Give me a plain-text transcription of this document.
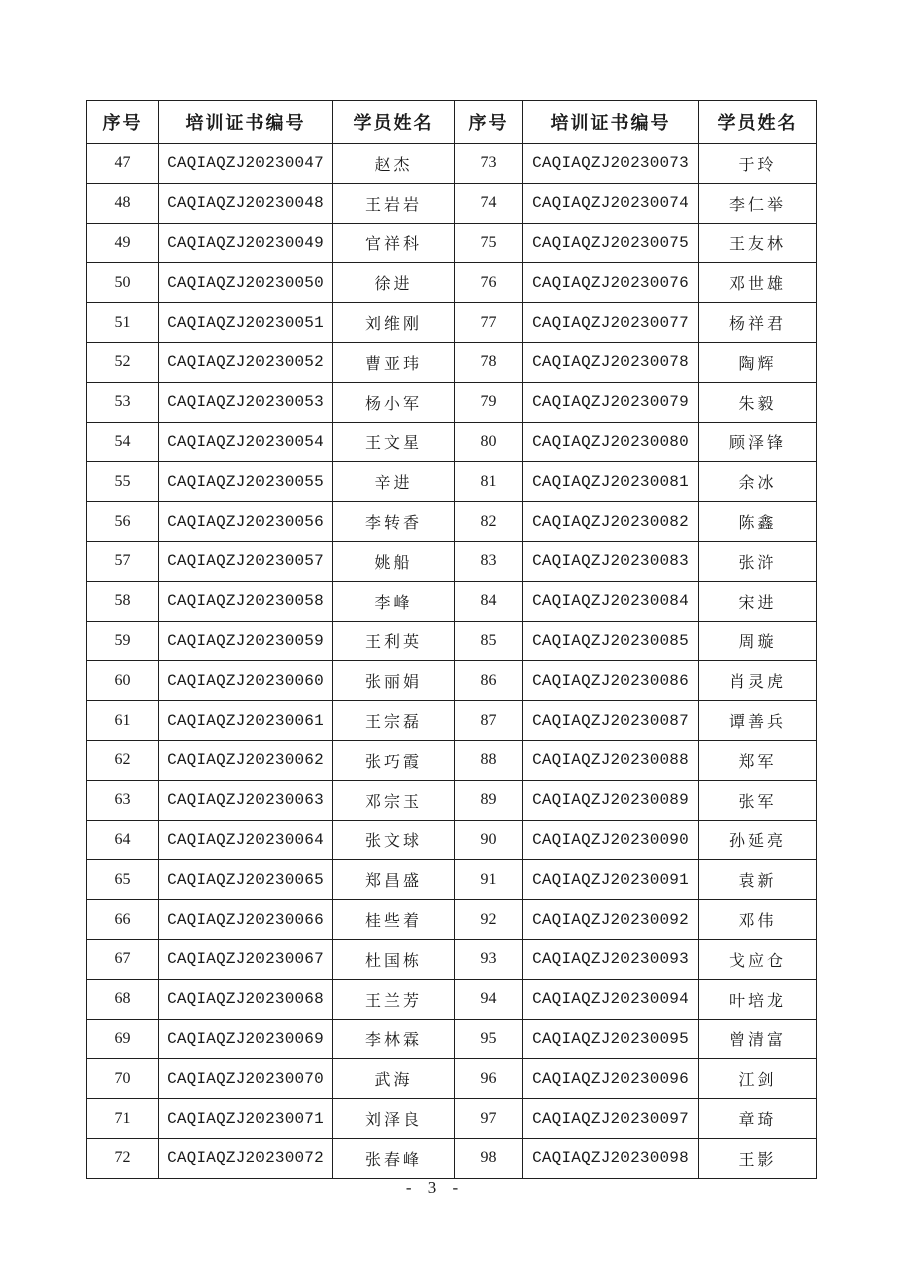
序号	培训证书编号	学员姓名	序号	培训证书编号	学员姓名
47	CAQIAQZJ20230047	赵杰	73	CAQIAQZJ20230073	于玲
48	CAQIAQZJ20230048	王岩岩	74	CAQIAQZJ20230074	李仁举
49	CAQIAQZJ20230049	官祥科	75	CAQIAQZJ20230075	王友林
50	CAQIAQZJ20230050	徐进	76	CAQIAQZJ20230076	邓世雄
51	CAQIAQZJ20230051	刘维刚	77	CAQIAQZJ20230077	杨祥君
52	CAQIAQZJ20230052	曹亚玮	78	CAQIAQZJ20230078	陶辉
53	CAQIAQZJ20230053	杨小军	79	CAQIAQZJ20230079	朱毅
54	CAQIAQZJ20230054	王文星	80	CAQIAQZJ20230080	顾泽锋
55	CAQIAQZJ20230055	辛进	81	CAQIAQZJ20230081	余冰
56	CAQIAQZJ20230056	李转香	82	CAQIAQZJ20230082	陈鑫
57	CAQIAQZJ20230057	姚船	83	CAQIAQZJ20230083	张浒
58	CAQIAQZJ20230058	李峰	84	CAQIAQZJ20230084	宋进
59	CAQIAQZJ20230059	王利英	85	CAQIAQZJ20230085	周璇
60	CAQIAQZJ20230060	张丽娟	86	CAQIAQZJ20230086	肖灵虎
61	CAQIAQZJ20230061	王宗磊	87	CAQIAQZJ20230087	谭善兵
62	CAQIAQZJ20230062	张巧霞	88	CAQIAQZJ20230088	郑军
63	CAQIAQZJ20230063	邓宗玉	89	CAQIAQZJ20230089	张军
64	CAQIAQZJ20230064	张文球	90	CAQIAQZJ20230090	孙延亮
65	CAQIAQZJ20230065	郑昌盛	91	CAQIAQZJ20230091	袁新
66	CAQIAQZJ20230066	桂些着	92	CAQIAQZJ20230092	邓伟
67	CAQIAQZJ20230067	杜国栋	93	CAQIAQZJ20230093	戈应仓
68	CAQIAQZJ20230068	王兰芳	94	CAQIAQZJ20230094	叶培龙
69	CAQIAQZJ20230069	李林霖	95	CAQIAQZJ20230095	曾清富
70	CAQIAQZJ20230070	武海	96	CAQIAQZJ20230096	江剑
71	CAQIAQZJ20230071	刘泽良	97	CAQIAQZJ20230097	章琦
72	CAQIAQZJ20230072	张春峰	98	CAQIAQZJ20230098	王影
- 3 -
